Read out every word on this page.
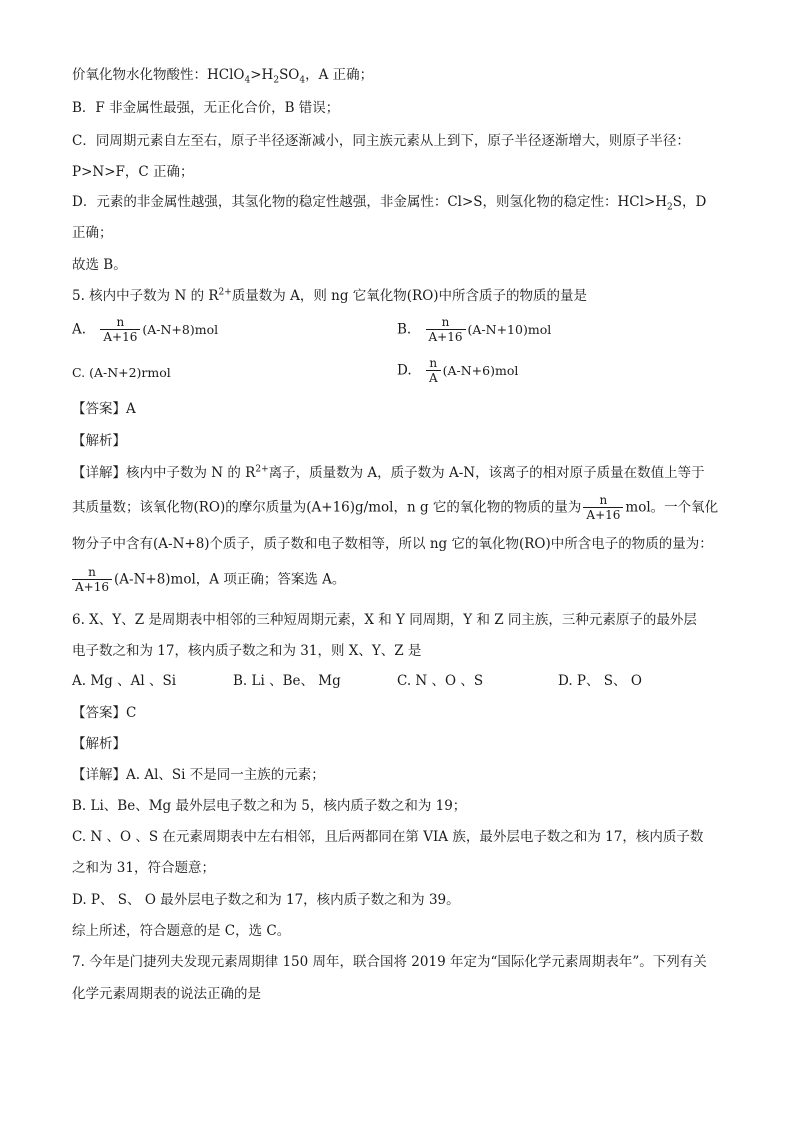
价氧化物水化物酸性：$HClO_4>H_2SO_4$，A 正确；
B．F 非金属性最强，无正化合价，B 错误；
C．同周期元素自左至右，原子半径逐渐减小，同主族元素从上到下，原子半径逐渐增大，则原子半径：
P>N>F，C 正确；
D．元素的非金属性越强，其氢化物的稳定性越强，非金属性：Cl>S，则氢化物的稳定性：$HCl>H_2S$，D
正确；
故选 B。
5. 核内中子数为 N 的 $R^{2+}$质量数为 A，则 ng 它氧化物(RO)中所含质子的物质的量是
A. $\frac{n}{A+16} (A-N+8)mol$	B. $\frac{n}{A+16} (A-N+10)mol$
C. (A-N+2)rmol	D. $\frac{n}{A} (A-N+6)mol$
【答案】A
【解析】
【详解】核内中子数为 N 的 $R^{2+}$离子，质量数为 A，质子数为 A-N，该离子的相对原子质量在数值上等于
其质量数；该氧化物(RO)的摩尔质量为(A+16)g/mol，n g 它的氧化物的物质的量为 $\frac{n}{A+16}$ mol。一个氧化
物分子中含有(A-N+8)个质子，质子数和电子数相等，所以 ng 它的氧化物(RO)中所含电子的物质的量为：
$\frac{n}{A+16} (A-N+8)mol$，A 项正确；答案选 A。
6. X、Y、Z 是周期表中相邻的三种短周期元素，X 和 Y 同周期，Y 和 Z 同主族，三种元素原子的最外层
电子数之和为 17，核内质子数之和为 31，则 X、Y、Z 是
A. Mg 、Al 、Si	B. Li 、Be、 Mg	C. N 、O 、S	D. P、 S、 O
【答案】C
【解析】
【详解】A. Al、Si 不是同一主族的元素；
B. Li、Be、Mg 最外层电子数之和为 5，核内质子数之和为 19；
C. N 、O 、S 在元素周期表中左右相邻，且后两都同在第 VIA 族，最外层电子数之和为 17，核内质子数
之和为 31，符合题意；
D. P、 S、 O 最外层电子数之和为 17，核内质子数之和为 39。
综上所述，符合题意的是 C，选 C。
7. 今年是门捷列夫发现元素周期律 150 周年，联合国将 2019 年定为“国际化学元素周期表年”。下列有关
化学元素周期表的说法正确的是
